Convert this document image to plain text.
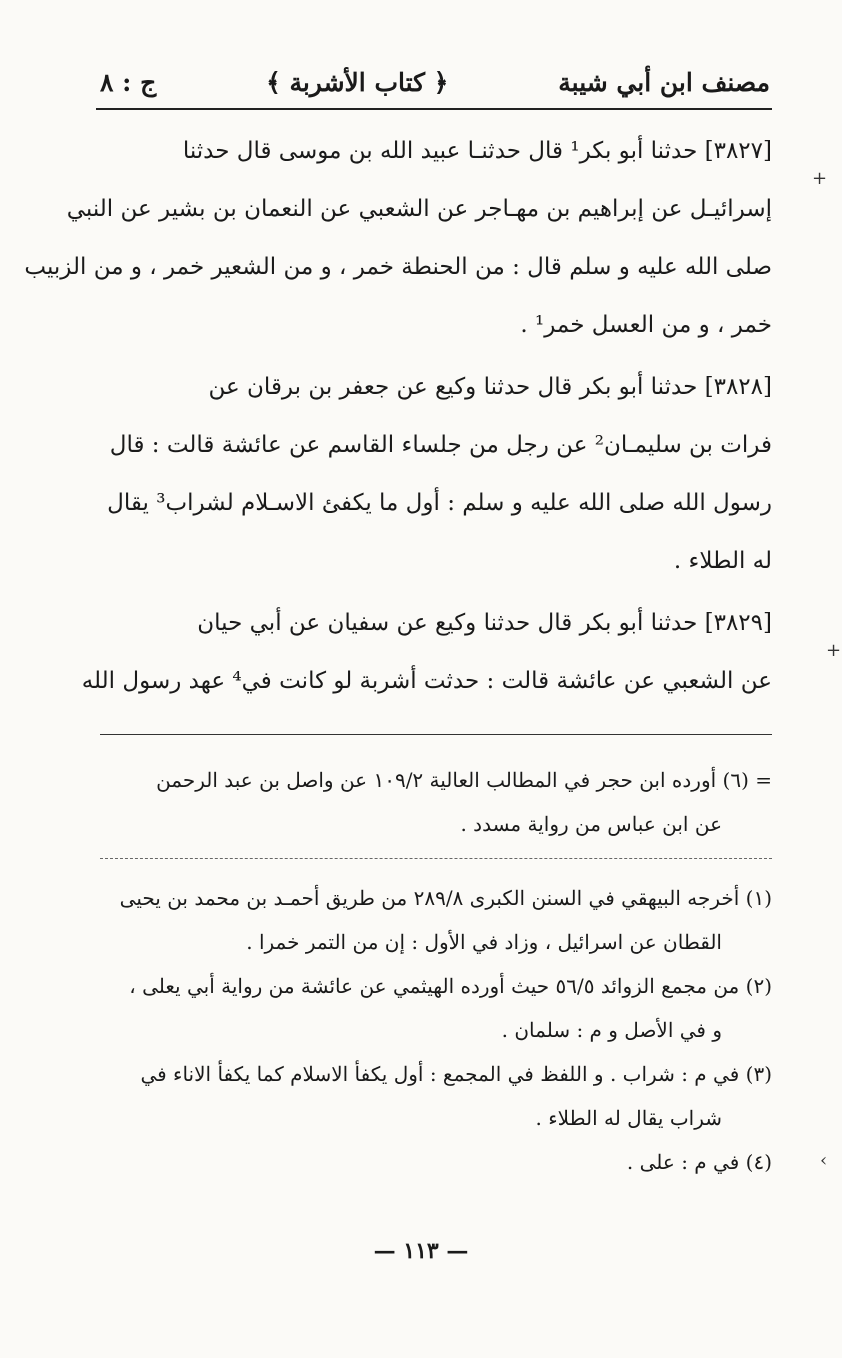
مصنف ابن أبي شيبة
﴿ كتاب الأشربة ﴾
ج : ٨
[٣٨٢٧] حدثنا أبو بكر¹ قال حدثنـا عبيد الله بن موسى قال حدثنا
إسرائيـل عن إبراهيم بن مهـاجر عن الشعبي عن النعمان بن بشير عن النبي
صلى الله عليه و سلم قال : من الحنطة خمر ، و من الشعير خمر ، و من الزبيب
خمر ، و من العسل خمر¹ .
[٣٨٢٨] حدثنا أبو بكر قال حدثنا وكيع عن جعفر بن برقان عن
فرات بن سليمـان² عن رجل من جلساء القاسم عن عائشة قالت : قال
رسول الله صلى الله عليه و سلم : أول ما يكفئ الاسـلام لشراب³ يقال
له الطلاء .
[٣٨٢٩] حدثنا أبو بكر قال حدثنا وكيع عن سفيان عن أبي حيان
عن الشعبي عن عائشة قالت : حدثت أشربة لو كانت في⁴ عهد رسول الله
= (٦) أورده ابن حجر في المطالب العالية ١٠٩/٢ عن واصل بن عبد الرحمن
عن ابن عباس من رواية مسدد .
(١) أخرجه البيهقي في السنن الكبرى ٢٨٩/٨ من طريق أحمـد بن محمد بن يحيى
القطان عن اسرائيل ، وزاد في الأول : إن من التمر خمرا .
(٢) من مجمع الزوائد ٥٦/٥ حيث أورده الهيثمي عن عائشة من رواية أبي يعلى ،
و في الأصل و م : سلمان .
(٣) في م : شراب . و اللفظ في المجمع : أول يكفأ الاسلام كما يكفأ الاناء في
شراب يقال له الطلاء .
(٤) في م : على .
— ١١٣ —
+
+
‹
